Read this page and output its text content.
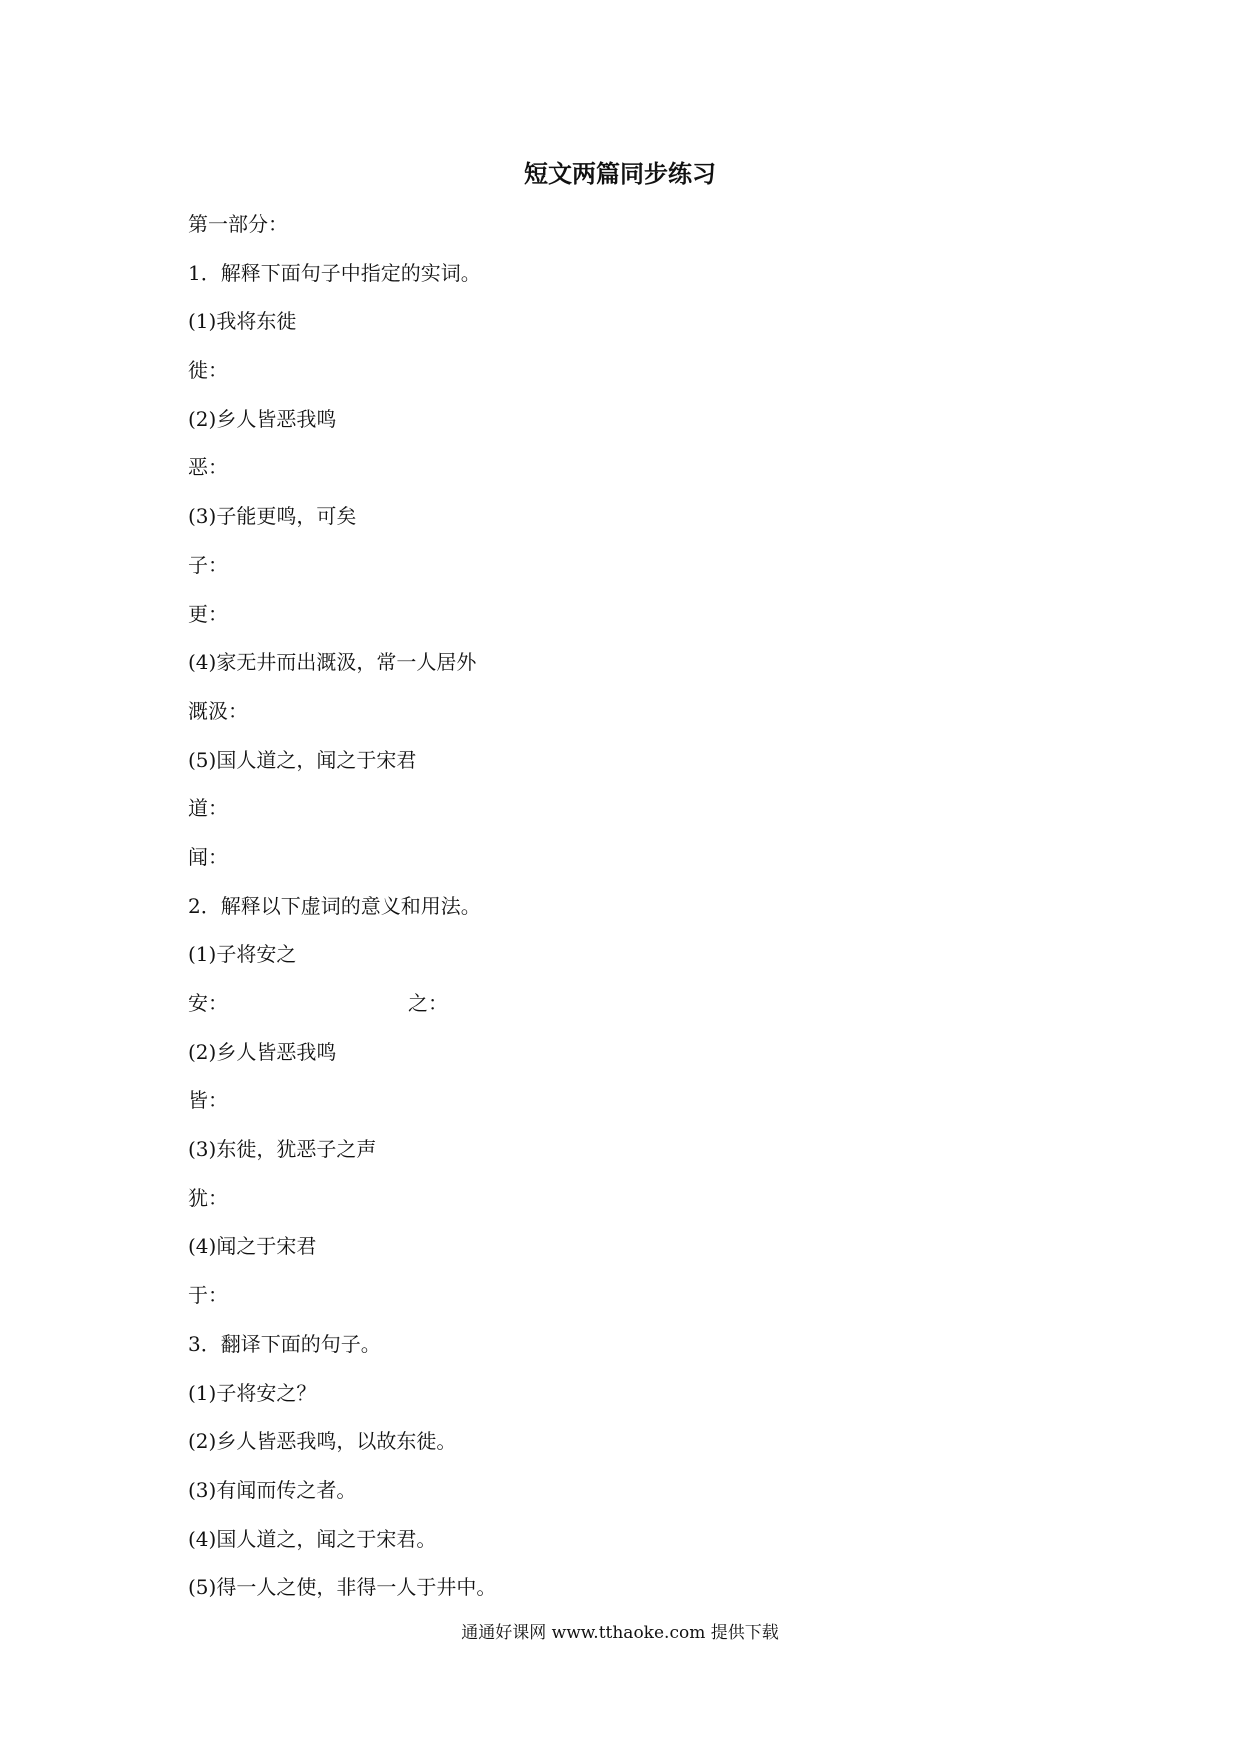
短文两篇同步练习
第一部分：
1．解释下面句子中指定的实词。
(1)我将东徙
徙：
(2)乡人皆恶我鸣
恶：
(3)子能更鸣，可矣
子：
更：
(4)家无井而出溉汲，常一人居外
溉汲：
(5)国人道之，闻之于宋君
道：
闻：
2．解释以下虚词的意义和用法。
(1)子将安之
安：	之：
(2)乡人皆恶我鸣
皆：
(3)东徙，犹恶子之声
犹：
(4)闻之于宋君
于：
3．翻译下面的句子。
(1)子将安之？
(2)乡人皆恶我鸣，以故东徙。
(3)有闻而传之者。
(4)国人道之，闻之于宋君。
(5)得一人之使，非得一人于井中。
通通好课网 www.tthaoke.com 提供下载
